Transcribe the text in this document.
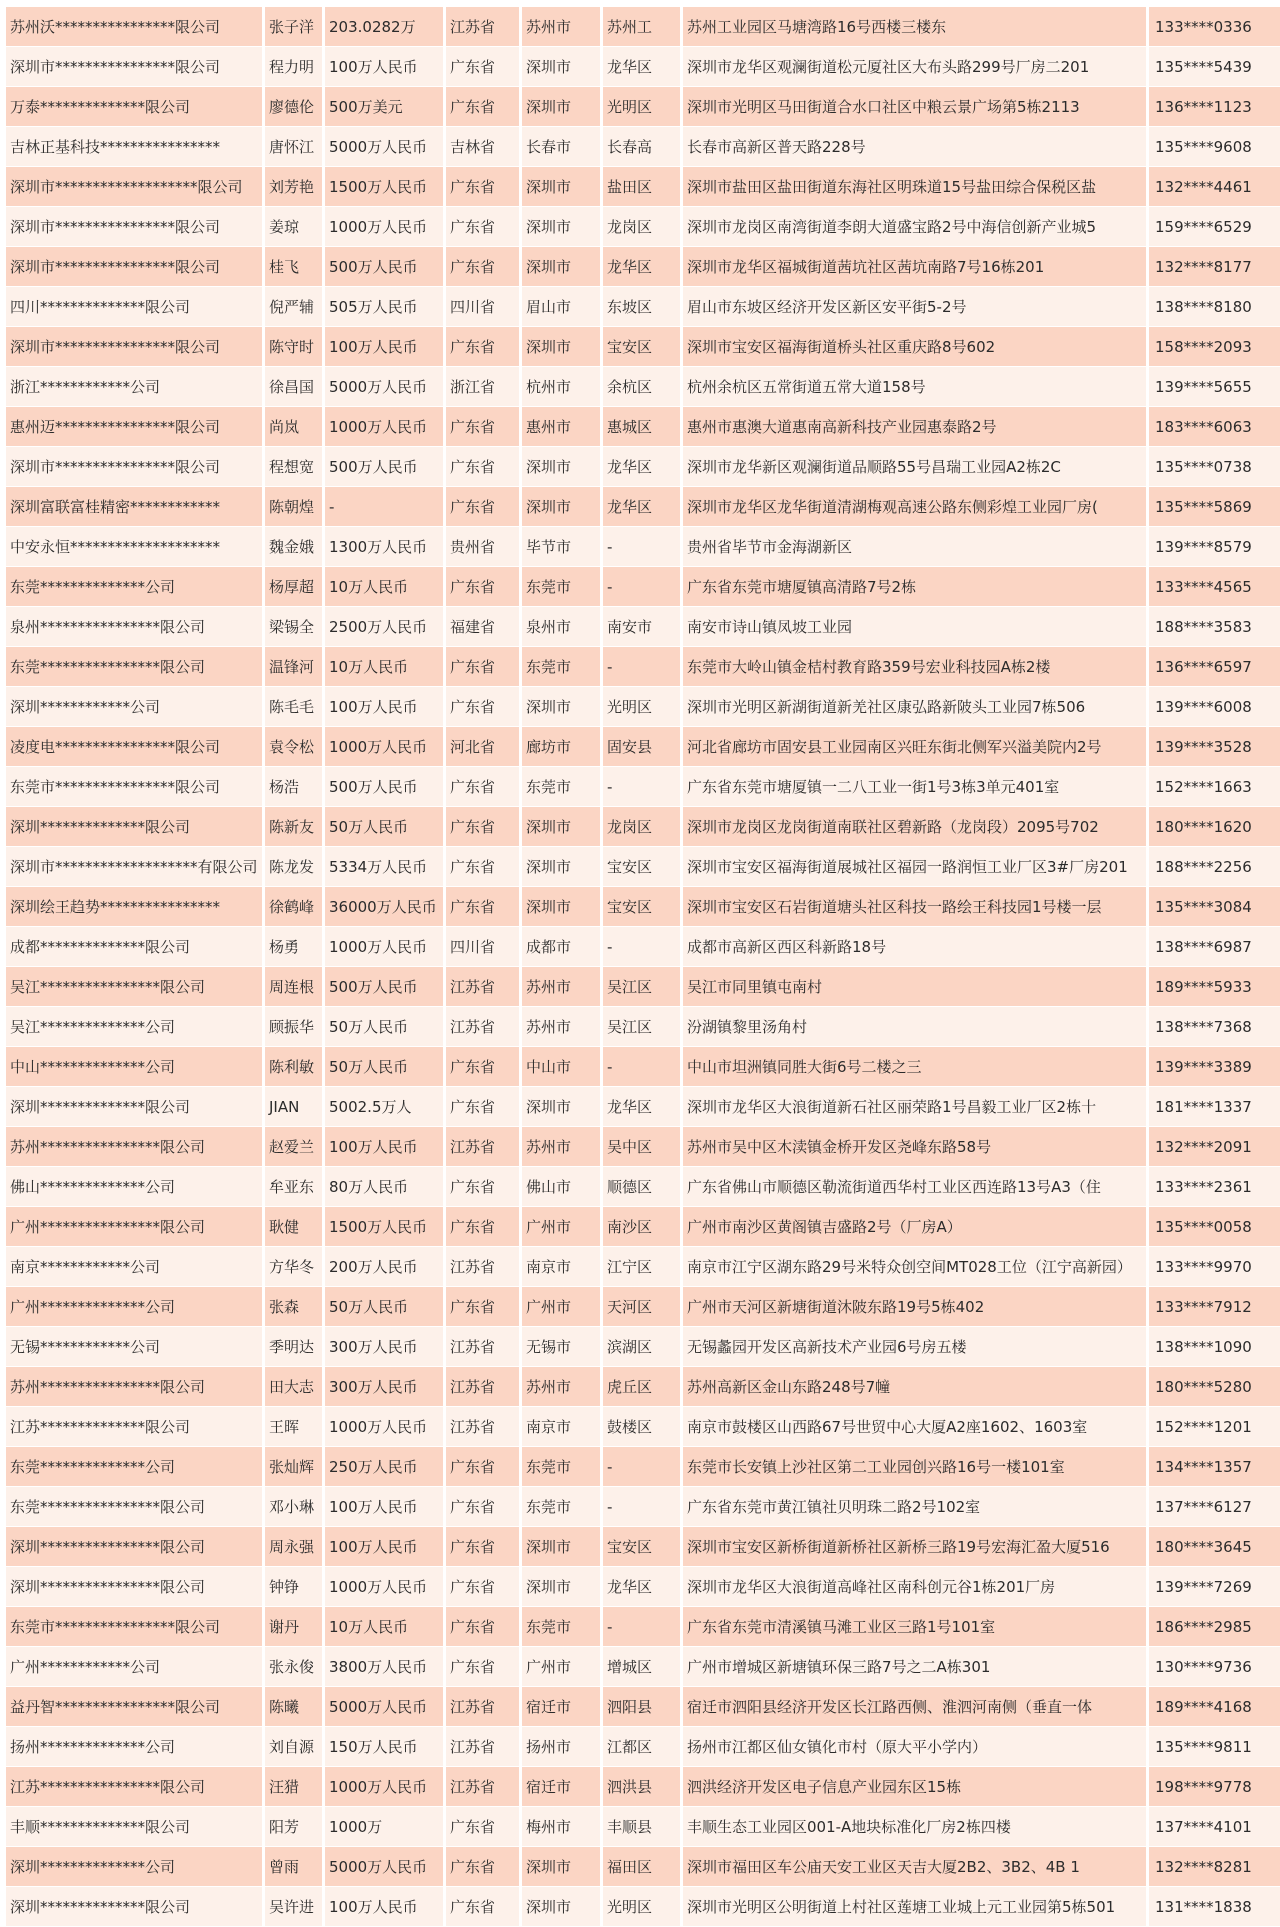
苏州沃****************限公司	张子洋	203.0282万	江苏省	苏州市	苏州工	苏州工业园区马塘湾路16号西楼三楼东	133****0336
深圳市****************限公司	程力明	100万人民币	广东省	深圳市	龙华区	深圳市龙华区观澜街道松元厦社区大布头路299号厂房二201	135****5439
万泰**************限公司	廖德伦	500万美元	广东省	深圳市	光明区	深圳市光明区马田街道合水口社区中粮云景广场第5栋2113	136****1123
吉林正基科技****************	唐怀江	5000万人民币	吉林省	长春市	长春高	长春市高新区普天路228号	135****9608
深圳市*******************限公司	刘芳艳	1500万人民币	广东省	深圳市	盐田区	深圳市盐田区盐田街道东海社区明珠道15号盐田综合保税区盐	132****4461
深圳市****************限公司	姜琼	1000万人民币	广东省	深圳市	龙岗区	深圳市龙岗区南湾街道李朗大道盛宝路2号中海信创新产业城5	159****6529
深圳市****************限公司	桂飞	500万人民币	广东省	深圳市	龙华区	深圳市龙华区福城街道茜坑社区茜坑南路7号16栋201	132****8177
四川**************限公司	倪严辅	505万人民币	四川省	眉山市	东坡区	眉山市东坡区经济开发区新区安平街5-2号	138****8180
深圳市****************限公司	陈守时	100万人民币	广东省	深圳市	宝安区	深圳市宝安区福海街道桥头社区重庆路8号602	158****2093
浙江************公司	徐昌国	5000万人民币	浙江省	杭州市	余杭区	杭州余杭区五常街道五常大道158号	139****5655
惠州迈****************限公司	尚岚	1000万人民币	广东省	惠州市	惠城区	惠州市惠澳大道惠南高新科技产业园惠泰路2号	183****6063
深圳市****************限公司	程想宽	500万人民币	广东省	深圳市	龙华区	深圳市龙华新区观澜街道品顺路55号昌瑞工业园A2栋2C	135****0738
深圳富联富桂精密************	陈朝煌	-	广东省	深圳市	龙华区	深圳市龙华区龙华街道清湖梅观高速公路东侧彩煌工业园厂房(	135****5869
中安永恒********************	魏金娥	1300万人民币	贵州省	毕节市	-	贵州省毕节市金海湖新区	139****8579
东莞**************公司	杨厚超	10万人民币	广东省	东莞市	-	广东省东莞市塘厦镇高清路7号2栋	133****4565
泉州****************限公司	梁锡全	2500万人民币	福建省	泉州市	南安市	南安市诗山镇凤坡工业园	188****3583
东莞****************限公司	温锋河	10万人民币	广东省	东莞市	-	东莞市大岭山镇金桔村教育路359号宏业科技园A栋2楼	136****6597
深圳************公司	陈毛毛	100万人民币	广东省	深圳市	光明区	深圳市光明区新湖街道新羌社区康弘路新陂头工业园7栋506	139****6008
凌度电****************限公司	袁令松	1000万人民币	河北省	廊坊市	固安县	河北省廊坊市固安县工业园南区兴旺东街北侧军兴溢美院内2号	139****3528
东莞市****************限公司	杨浩	500万人民币	广东省	东莞市	-	广东省东莞市塘厦镇一二八工业一街1号3栋3单元401室	152****1663
深圳**************限公司	陈新友	50万人民币	广东省	深圳市	龙岗区	深圳市龙岗区龙岗街道南联社区碧新路（龙岗段）2095号702	180****1620
深圳市*******************有限公司	陈龙发	5334万人民币	广东省	深圳市	宝安区	深圳市宝安区福海街道展城社区福园一路润恒工业厂区3#厂房201	188****2256
深圳绘王趋势****************	徐鹤峰	36000万人民币	广东省	深圳市	宝安区	深圳市宝安区石岩街道塘头社区科技一路绘王科技园1号楼一层	135****3084
成都**************限公司	杨勇	1000万人民币	四川省	成都市	-	成都市高新区西区科新路18号	138****6987
吴江****************限公司	周连根	500万人民币	江苏省	苏州市	吴江区	吴江市同里镇屯南村	189****5933
吴江**************公司	顾振华	50万人民币	江苏省	苏州市	吴江区	汾湖镇黎里汤角村	138****7368
中山**************公司	陈利敏	50万人民币	广东省	中山市	-	中山市坦洲镇同胜大街6号二楼之三	139****3389
深圳**************限公司	JIAN	5002.5万人	广东省	深圳市	龙华区	深圳市龙华区大浪街道新石社区丽荣路1号昌毅工业厂区2栋十	181****1337
苏州****************限公司	赵爱兰	100万人民币	江苏省	苏州市	吴中区	苏州市吴中区木渎镇金桥开发区尧峰东路58号	132****2091
佛山**************公司	牟亚东	80万人民币	广东省	佛山市	顺德区	广东省佛山市顺德区勒流街道西华村工业区西连路13号A3（住	133****2361
广州****************限公司	耿健	1500万人民币	广东省	广州市	南沙区	广州市南沙区黄阁镇吉盛路2号（厂房A）	135****0058
南京************公司	方华冬	200万人民币	江苏省	南京市	江宁区	南京市江宁区湖东路29号米特众创空间MT028工位（江宁高新园）	133****9970
广州**************公司	张森	50万人民币	广东省	广州市	天河区	广州市天河区新塘街道沐陂东路19号5栋402	133****7912
无锡************公司	季明达	300万人民币	江苏省	无锡市	滨湖区	无锡蠡园开发区高新技术产业园6号房五楼	138****1090
苏州****************限公司	田大志	300万人民币	江苏省	苏州市	虎丘区	苏州高新区金山东路248号7幢	180****5280
江苏**************限公司	王晖	1000万人民币	江苏省	南京市	鼓楼区	南京市鼓楼区山西路67号世贸中心大厦A2座1602、1603室	152****1201
东莞**************公司	张灿辉	250万人民币	广东省	东莞市	-	东莞市长安镇上沙社区第二工业园创兴路16号一楼101室	134****1357
东莞****************限公司	邓小琳	100万人民币	广东省	东莞市	-	广东省东莞市黄江镇社贝明珠二路2号102室	137****6127
深圳****************限公司	周永强	100万人民币	广东省	深圳市	宝安区	深圳市宝安区新桥街道新桥社区新桥三路19号宏海汇盈大厦516	180****3645
深圳****************限公司	钟铮	1000万人民币	广东省	深圳市	龙华区	深圳市龙华区大浪街道高峰社区南科创元谷1栋201厂房	139****7269
东莞市****************限公司	谢丹	10万人民币	广东省	东莞市	-	广东省东莞市清溪镇马滩工业区三路1号101室	186****2985
广州************公司	张永俊	3800万人民币	广东省	广州市	增城区	广州市增城区新塘镇环保三路7号之二A栋301	130****9736
益丹智****************限公司	陈曦	5000万人民币	江苏省	宿迁市	泗阳县	宿迁市泗阳县经济开发区长江路西侧、淮泗河南侧（垂直一体	189****4168
扬州**************公司	刘自源	150万人民币	江苏省	扬州市	江都区	扬州市江都区仙女镇化市村（原大平小学内）	135****9811
江苏****************限公司	汪猎	1000万人民币	江苏省	宿迁市	泗洪县	泗洪经济开发区电子信息产业园东区15栋	198****9778
丰顺**************限公司	阳芳	1000万	广东省	梅州市	丰顺县	丰顺生态工业园区001-A地块标准化厂房2栋四楼	137****4101
深圳**************公司	曾雨	5000万人民币	广东省	深圳市	福田区	深圳市福田区车公庙天安工业区天吉大厦2B2、3B2、4B 1	132****8281
深圳**************限公司	吴许进	100万人民币	广东省	深圳市	光明区	深圳市光明区公明街道上村社区莲塘工业城上元工业园第5栋501	131****1838
